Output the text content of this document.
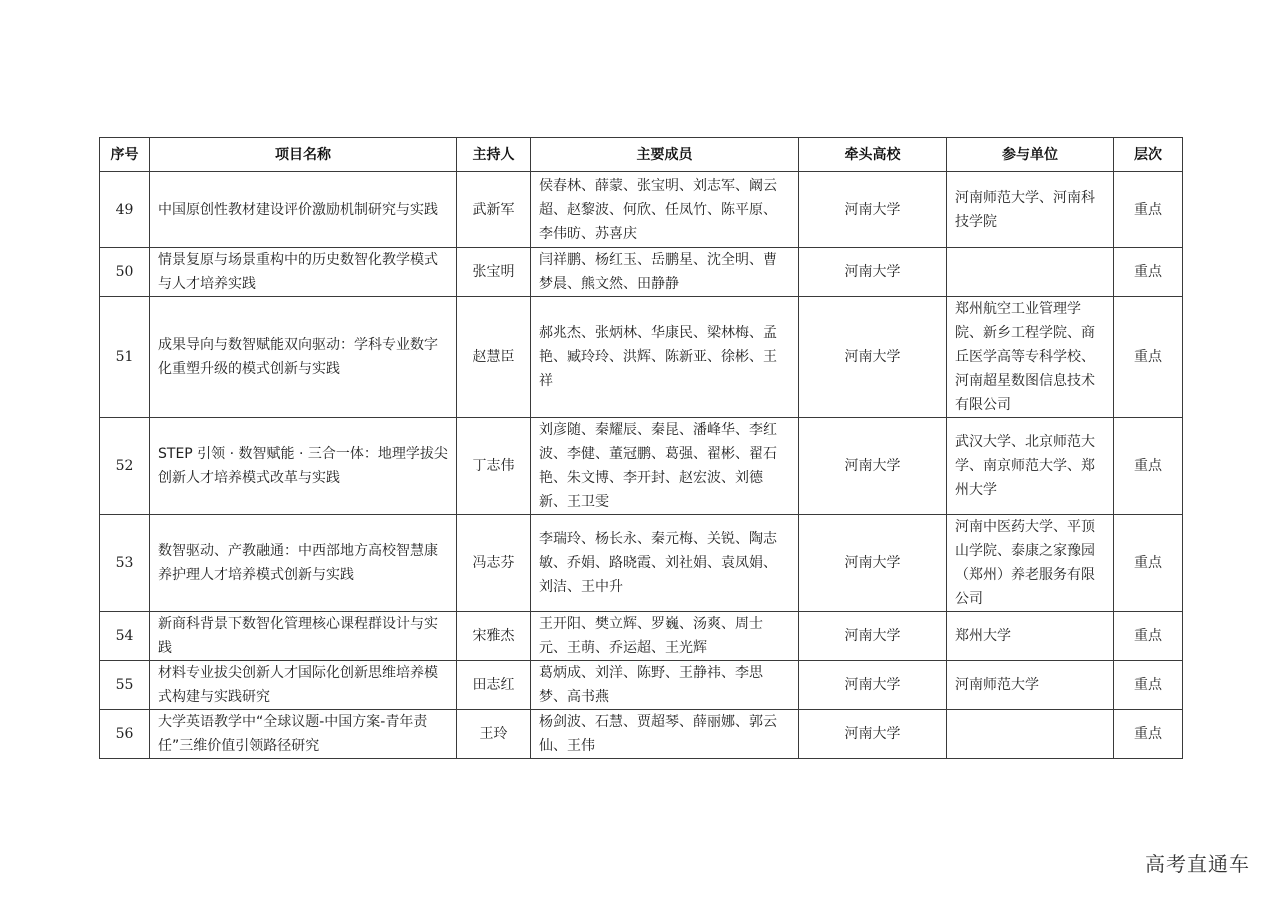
序号	项目名称	主持人	主要成员	牵头高校	参与单位	层次
49	中国原创性教材建设评价激励机制研究与实践	武新军	侯春林、薛蒙、张宝明、刘志军、阚云超、赵黎波、何欣、任凤竹、陈平原、李伟昉、苏喜庆	河南大学	河南师范大学、河南科技学院	重点
50	情景复原与场景重构中的历史数智化教学模式与人才培养实践	张宝明	闫祥鹏、杨红玉、岳鹏星、沈全明、曹梦晨、熊文然、田静静	河南大学		重点
51	成果导向与数智赋能双向驱动：学科专业数字化重塑升级的模式创新与实践	赵慧臣	郝兆杰、张炳林、华康民、梁林梅、孟艳、臧玲玲、洪辉、陈新亚、徐彬、王祥	河南大学	郑州航空工业管理学院、新乡工程学院、商丘医学高等专科学校、河南超星数图信息技术有限公司	重点
52	STEP 引领 · 数智赋能 · 三合一体：地理学拔尖创新人才培养模式改革与实践	丁志伟	刘彦随、秦耀辰、秦昆、潘峰华、李红波、李健、董冠鹏、葛强、翟彬、翟石艳、朱文博、李开封、赵宏波、刘德新、王卫雯	河南大学	武汉大学、北京师范大学、南京师范大学、郑州大学	重点
53	数智驱动、产教融通：中西部地方高校智慧康养护理人才培养模式创新与实践	冯志芬	李瑞玲、杨长永、秦元梅、关锐、陶志敏、乔娟、路晓霞、刘社娟、袁凤娟、刘洁、王中升	河南大学	河南中医药大学、平顶山学院、泰康之家豫园（郑州）养老服务有限公司	重点
54	新商科背景下数智化管理核心课程群设计与实践	宋雅杰	王开阳、樊立辉、罗巍、汤爽、周士元、王萌、乔运超、王光辉	河南大学	郑州大学	重点
55	材料专业拔尖创新人才国际化创新思维培养模式构建与实践研究	田志红	葛炳成、刘洋、陈野、王静祎、李思梦、高书燕	河南大学	河南师范大学	重点
56	大学英语教学中“全球议题-中国方案-青年责任”三维价值引领路径研究	王玲	杨剑波、石慧、贾超琴、薛丽娜、郭云仙、王伟	河南大学		重点
高考直通车
